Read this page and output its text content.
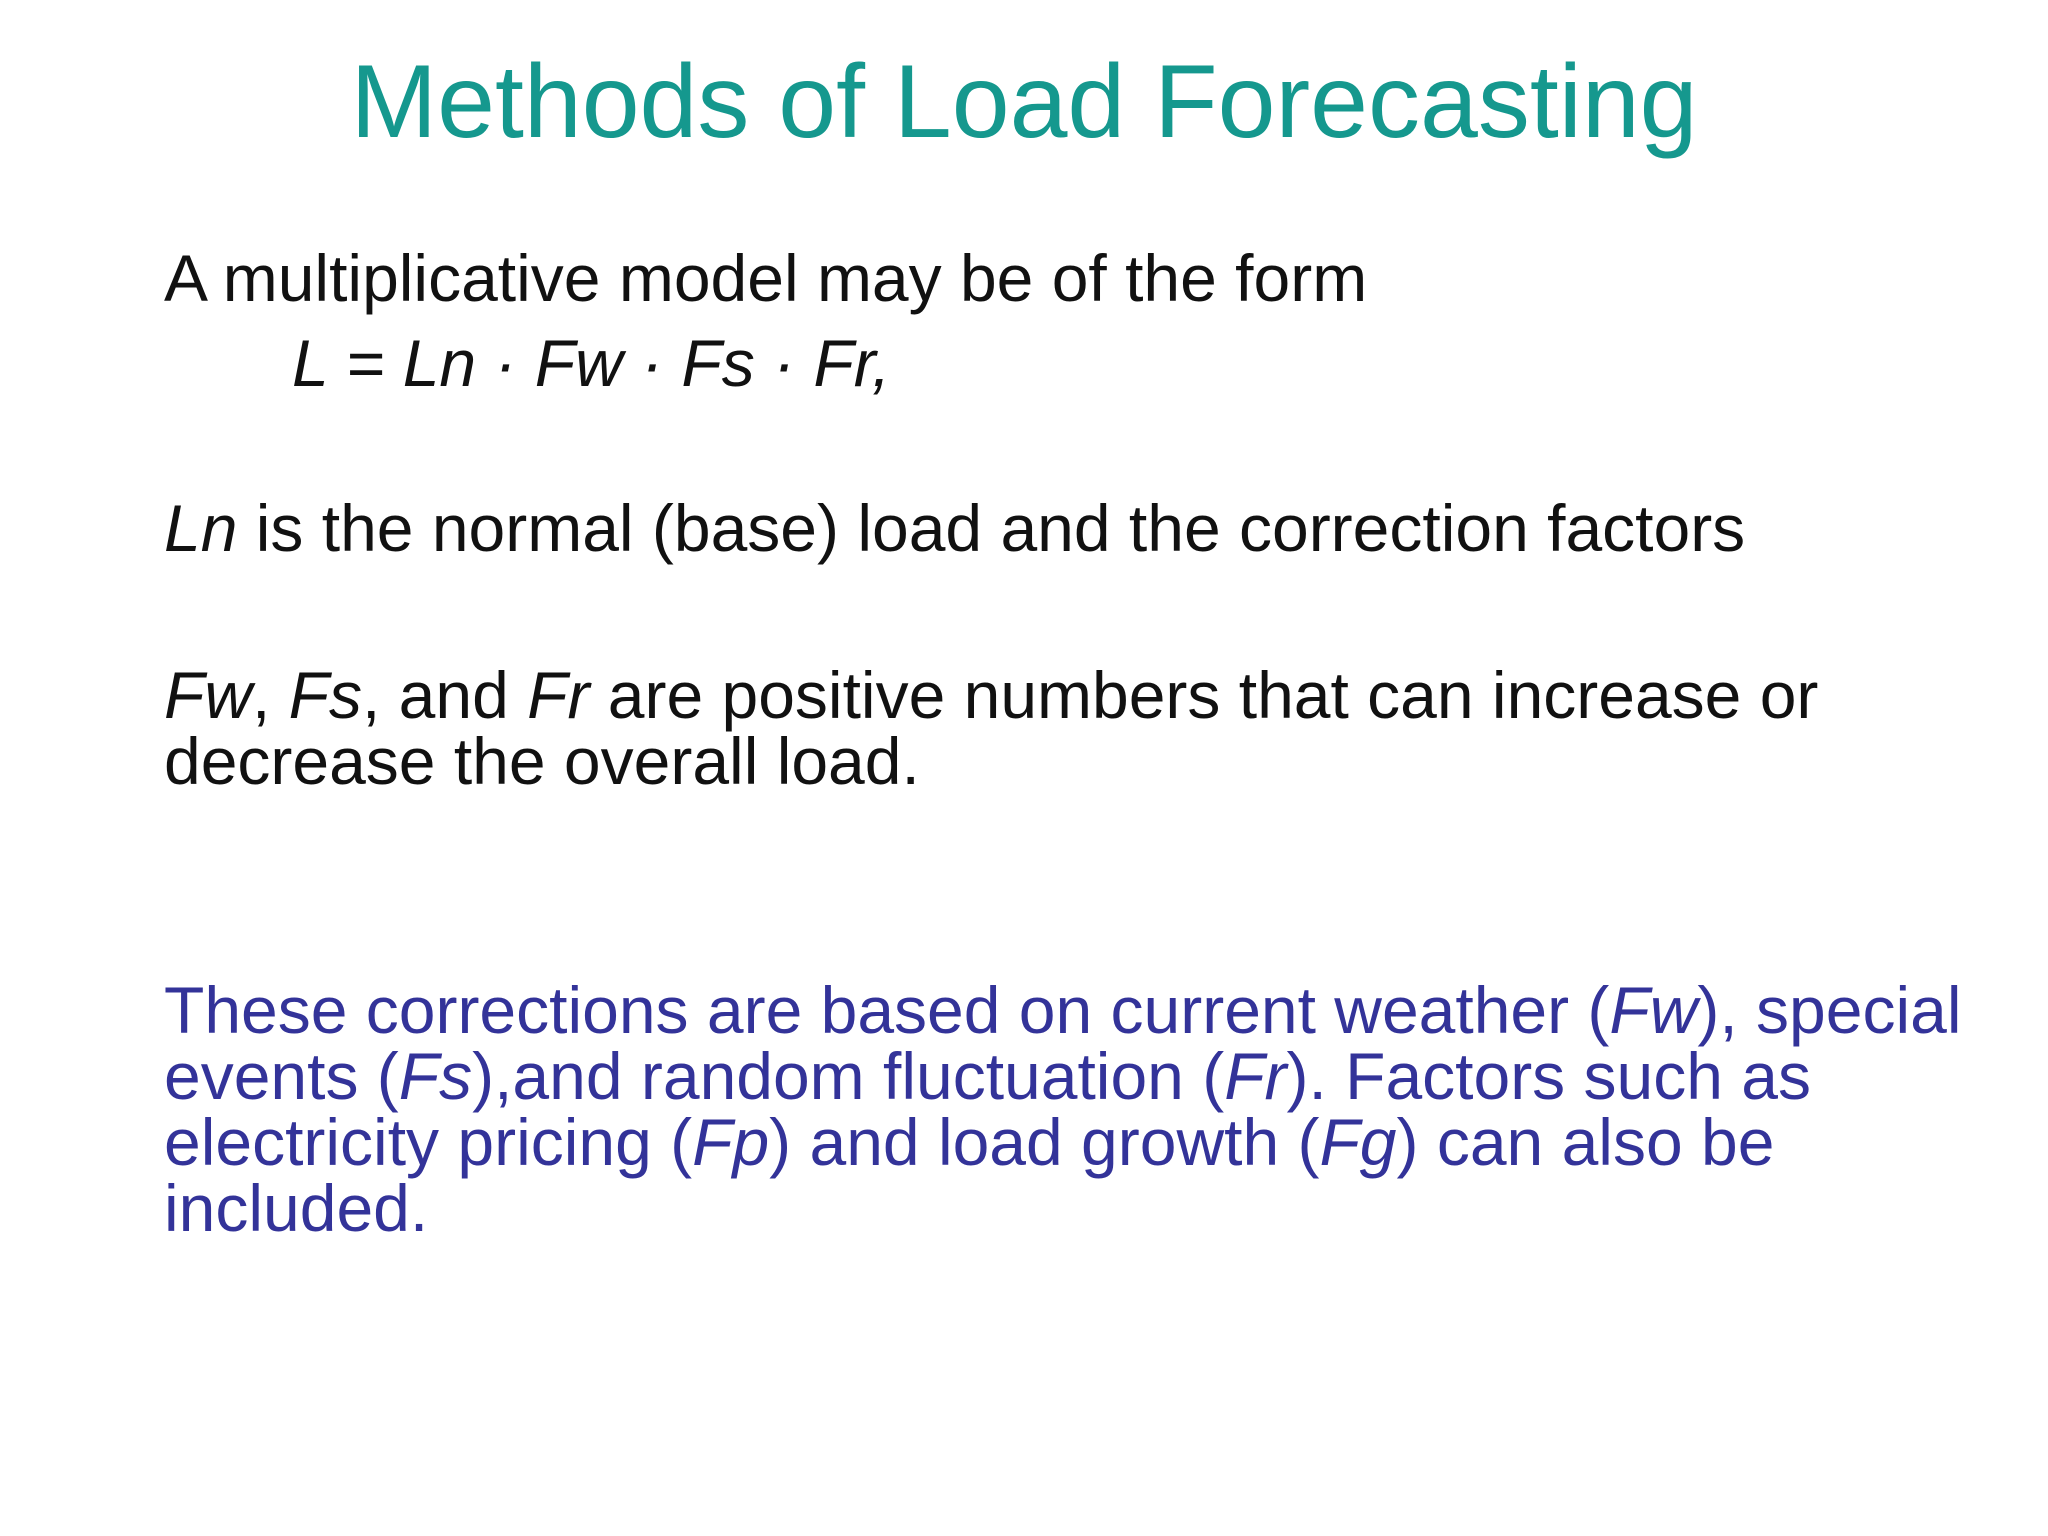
Methods of Load Forecasting

A multiplicative model may be of the form

L = Ln · Fw · Fs · Fr,

Ln is the normal (base) load and the correction factors

Fw, Fs, and Fr are positive numbers that can increase or decrease the overall load.

These corrections are based on current weather (Fw), special events (Fs),and random fluctuation (Fr). Factors such as electricity pricing (Fp) and load growth (Fg) can also be included.
